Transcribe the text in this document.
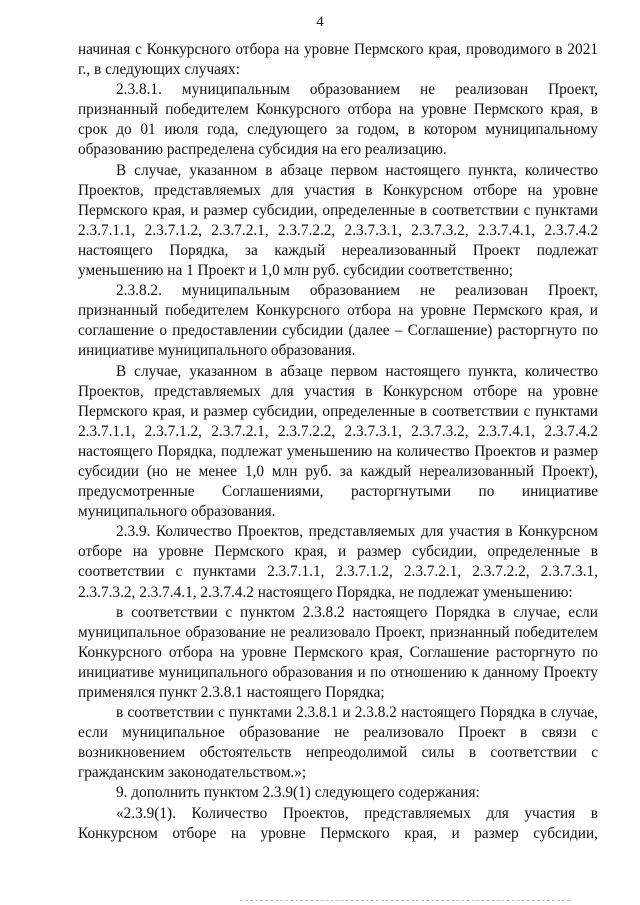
4

начиная с Конкурсного отбора на уровне Пермского края, проводимого в 2021 г., в следующих случаях:

2.3.8.1. муниципальным образованием не реализован Проект, признанный победителем Конкурсного отбора на уровне Пермского края, в срок до 01 июля года, следующего за годом, в котором муниципальному образованию распределена субсидия на его реализацию.

В случае, указанном в абзаце первом настоящего пункта, количество Проектов, представляемых для участия в Конкурсном отборе на уровне Пермского края, и размер субсидии, определенные в соответствии с пунктами 2.3.7.1.1, 2.3.7.1.2, 2.3.7.2.1, 2.3.7.2.2, 2.3.7.3.1, 2.3.7.3.2, 2.3.7.4.1, 2.3.7.4.2 настоящего Порядка, за каждый нереализованный Проект подлежат уменьшению на 1 Проект и 1,0 млн руб. субсидии соответственно;

2.3.8.2. муниципальным образованием не реализован Проект, признанный победителем Конкурсного отбора на уровне Пермского края, и соглашение о предоставлении субсидии (далее – Соглашение) расторгнуто по инициативе муниципального образования.

В случае, указанном в абзаце первом настоящего пункта, количество Проектов, представляемых для участия в Конкурсном отборе на уровне Пермского края, и размер субсидии, определенные в соответствии с пунктами 2.3.7.1.1, 2.3.7.1.2, 2.3.7.2.1, 2.3.7.2.2, 2.3.7.3.1, 2.3.7.3.2, 2.3.7.4.1, 2.3.7.4.2 настоящего Порядка, подлежат уменьшению на количество Проектов и размер субсидии (но не менее 1,0 млн руб. за каждый нереализованный Проект), предусмотренные Соглашениями, расторгнутыми по инициативе муниципального образования.

2.3.9. Количество Проектов, представляемых для участия в Конкурсном отборе на уровне Пермского края, и размер субсидии, определенные в соответствии с пунктами 2.3.7.1.1, 2.3.7.1.2, 2.3.7.2.1, 2.3.7.2.2, 2.3.7.3.1, 2.3.7.3.2, 2.3.7.4.1, 2.3.7.4.2 настоящего Порядка, не подлежат уменьшению:

в соответствии с пунктом 2.3.8.2 настоящего Порядка в случае, если муниципальное образование не реализовало Проект, признанный победителем Конкурсного отбора на уровне Пермского края, Соглашение расторгнуто по инициативе муниципального образования и по отношению к данному Проекту применялся пункт 2.3.8.1 настоящего Порядка;

в соответствии с пунктами 2.3.8.1 и 2.3.8.2 настоящего Порядка в случае, если муниципальное образование не реализовало Проект в связи с возникновением обстоятельств непреодолимой силы в соответствии с гражданским законодательством.»;

9. дополнить пунктом 2.3.9(1) следующего содержания:

«2.3.9(1). Количество Проектов, представляемых для участия в Конкурсном отборе на уровне Пермского края, и размер субсидии,
